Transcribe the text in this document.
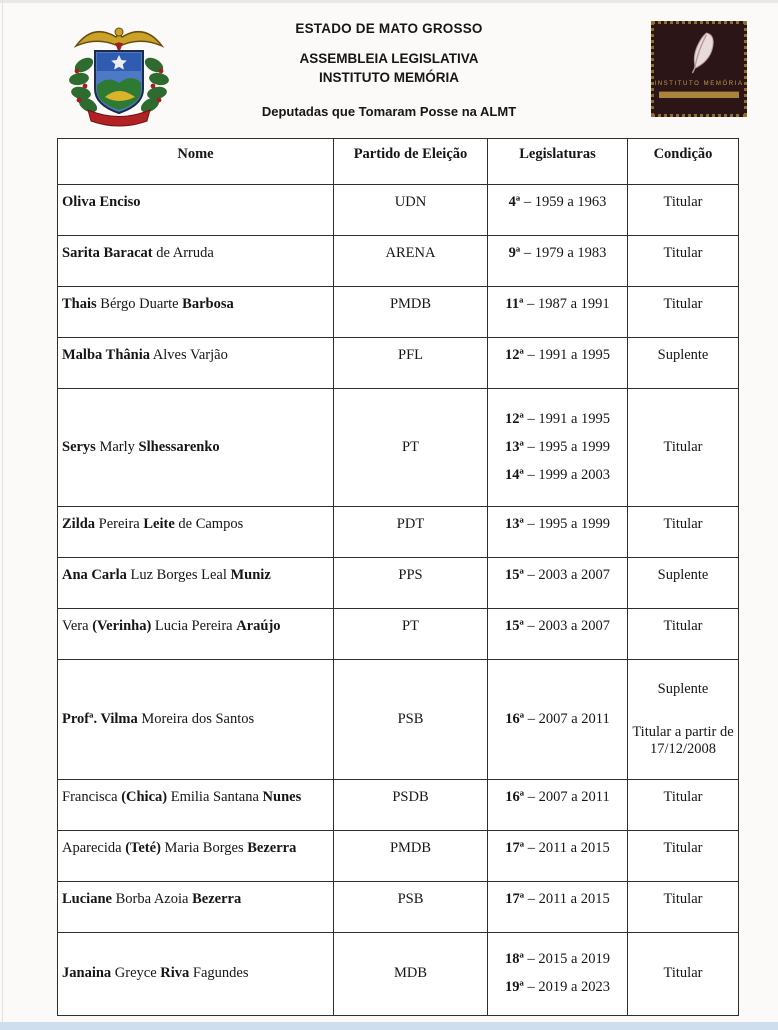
ESTADO DE MATO GROSSO
ASSEMBLEIA LEGISLATIVA
INSTITUTO MEMÓRIA
Deputadas que Tomaram Posse na ALMT
INSTITUTO MEMÓRIA
Nome	Partido de Eleição	Legislaturas	Condição
Oliva Enciso	UDN	4ª – 1959 a 1963	Titular

Sarita Baracat de Arruda	ARENA	9ª – 1979 a 1983	Titular

Thais Bérgo Duarte Barbosa	PMDB	11ª – 1987 a 1991	Titular

Malba Thânia Alves Varjão	PFL	12ª – 1991 a 1995	Suplente

Serys Marly Slhessarenko	PT	12ª – 1991 a 1995
13ª – 1995 a 1999
14ª – 1999 a 2003	Titular

Zilda Pereira Leite de Campos	PDT	13ª – 1995 a 1999	Titular

Ana Carla Luz Borges Leal Muniz	PPS	15ª – 2003 a 2007	Suplente

Vera (Verinha) Lucia Pereira Araújo	PT	15ª – 2003 a 2007	Titular

Profª. Vilma Moreira dos Santos	PSB	16ª – 2007 a 2011	Suplente
Titular a partir de 17/12/2008

Francisca (Chica) Emilia Santana Nunes	PSDB	16ª – 2007 a 2011	Titular

Aparecida (Teté) Maria Borges Bezerra	PMDB	17ª – 2011 a 2015	Titular

Luciane Borba Azoia Bezerra	PSB	17ª – 2011 a 2015	Titular

Janaina Greyce Riva Fagundes	MDB	18ª – 2015 a 2019
19ª – 2019 a 2023	Titular
